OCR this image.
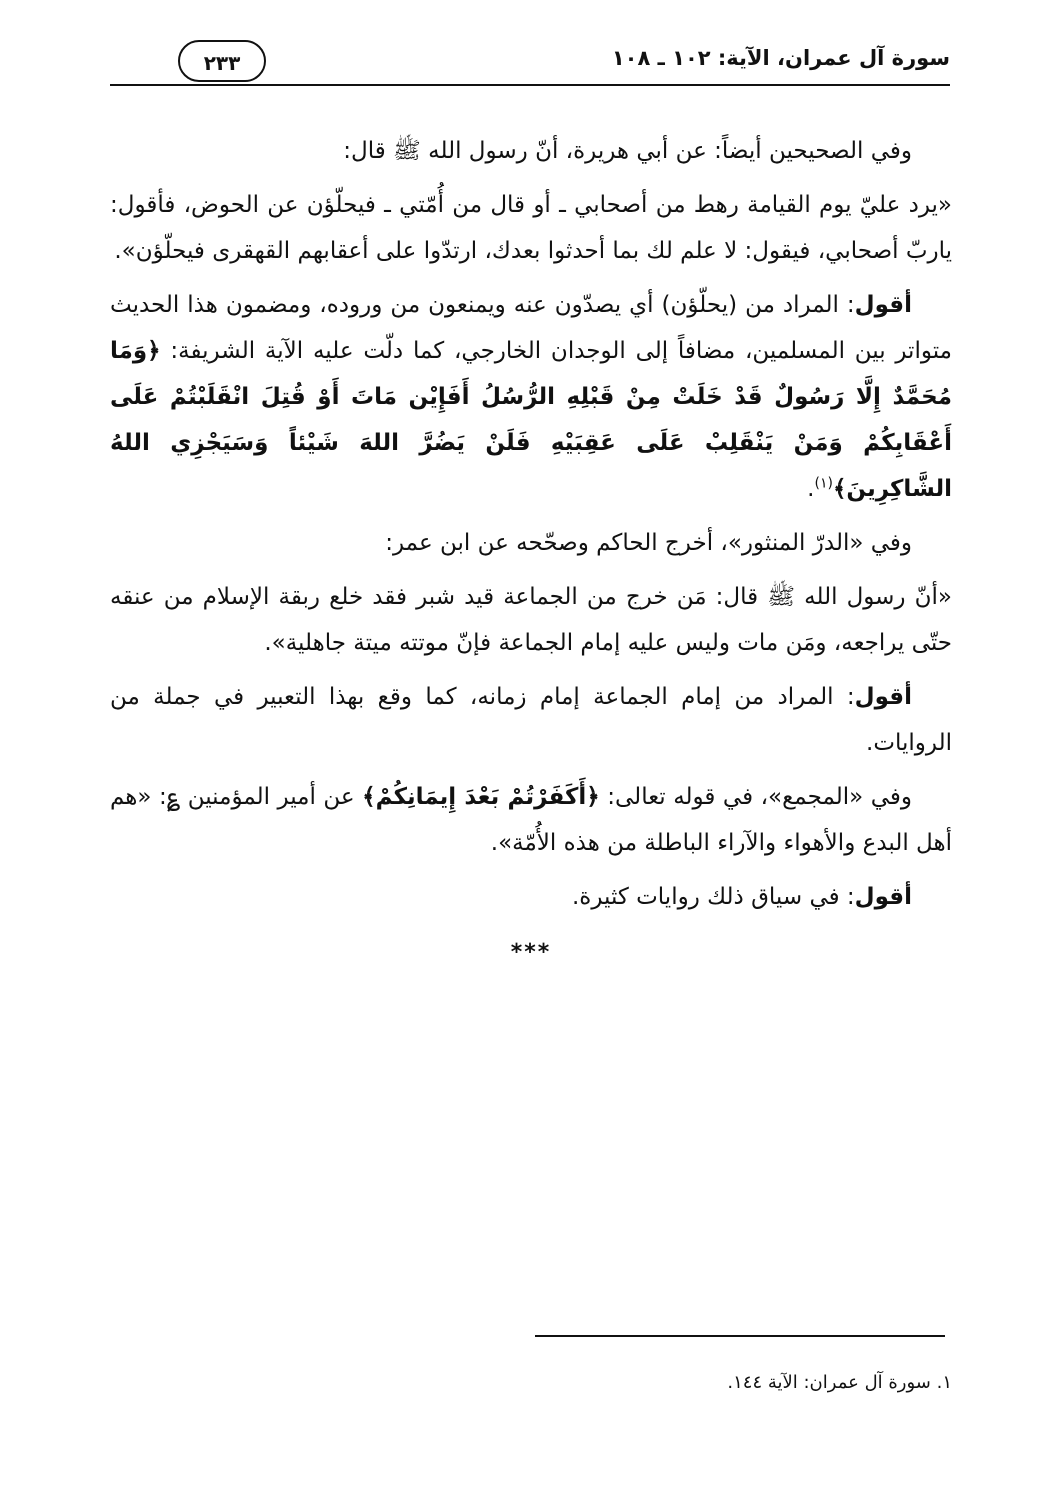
سورة آل عمران، الآية: ١٠٢ ـ ١٠٨
٢٣٣

وفي الصحيحين أيضاً: عن أبي هريرة، أنّ رسول الله ﷺ قال:

«يرد عليّ يوم القيامة رهط من أصحابي ـ أو قال من أُمّتي ـ فيحلّؤن عن الحوض، فأقول: ياربّ أصحابي، فيقول: لا علم لك بما أحدثوا بعدك، ارتدّوا على أعقابهم القهقرى فيحلّؤن».

أقول: المراد من (يحلّؤن) أي يصدّون عنه ويمنعون من وروده، ومضمون هذا الحديث متواتر بين المسلمين، مضافاً إلى الوجدان الخارجي، كما دلّت عليه الآية الشريفة: ﴿وَمَا مُحَمَّدٌ إِلَّا رَسُولٌ قَدْ خَلَتْ مِنْ قَبْلِهِ الرُّسُلُ أَفَإِيْن مَاتَ أَوْ قُتِلَ انْقَلَبْتُمْ عَلَى أَعْقَابِكُمْ وَمَنْ يَنْقَلِبْ عَلَى عَقِبَيْهِ فَلَنْ يَضُرَّ اللهَ شَيْئاً وَسَيَجْزِي اللهُ الشَّاكِرِينَ﴾$^{(١)}$.

وفي «الدرّ المنثور»، أخرج الحاكم وصحّحه عن ابن عمر:

«أنّ رسول الله ﷺ قال: مَن خرج من الجماعة قيد شبر فقد خلع ربقة الإسلام من عنقه حتّى يراجعه، ومَن مات وليس عليه إمام الجماعة فإنّ موتته ميتة جاهلية».

أقول: المراد من إمام الجماعة إمام زمانه، كما وقع بهذا التعبير في جملة من الروايات.

وفي «المجمع»، في قوله تعالى: ﴿أَكَفَرْتُمْ بَعْدَ إِيمَانِكُمْ﴾ عن أمير المؤمنين ؏: «هم أهل البدع والأهواء والآراء الباطلة من هذه الأُمّة».

أقول: في سياق ذلك روايات كثيرة.

***
١. سورة آل عمران: الآية ١٤٤.
